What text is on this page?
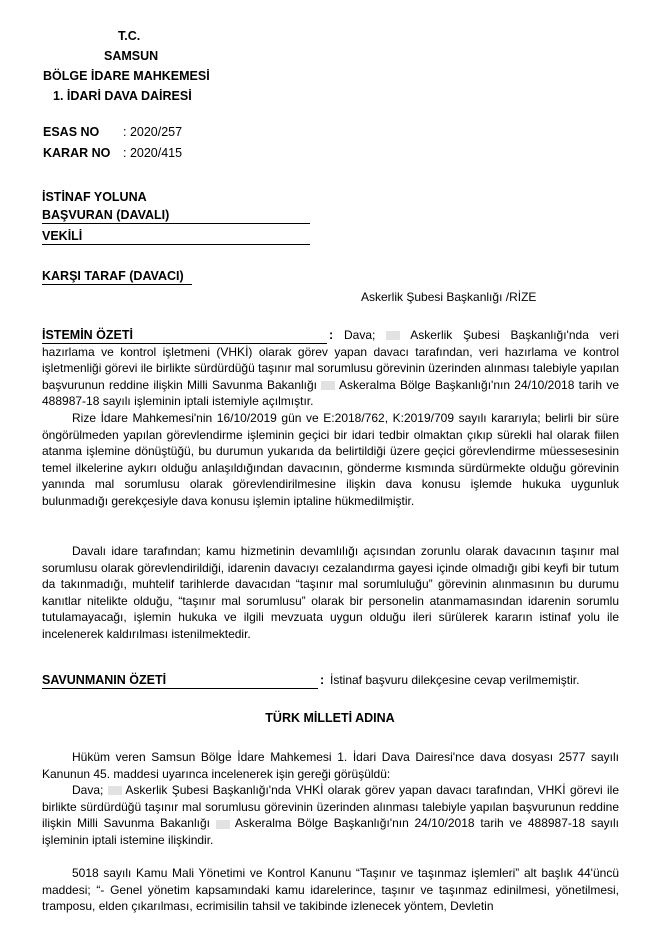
T.C.
SAMSUN
BÖLGE İDARE MAHKEMESİ
1. İDARİ DAVA DAİRESİ
ESAS NO : 2020/257
KARAR NO : 2020/415
İSTİNAF YOLUNA
BAŞVURAN (DAVALI)
VEKİLİ
KARŞI TARAF (DAVACI)
Askerlik Şubesi Başkanlığı /RİZE
İSTEMİN ÖZETİ	: Dava;	Askerlik Şubesi Başkanlığı'nda veri hazırlama ve kontrol işletmeni (VHKİ) olarak görev yapan davacı tarafından, veri hazırlama ve kontrol işletmenliği görevi ile birlikte sürdürdüğü taşınır mal sorumlusu görevinin üzerinden alınması talebiyle yapılan başvurunun reddine ilişkin Milli Savunma Bakanlığı Askeralma Bölge Başkanlığı'nın 24/10/2018 tarih ve 488987-18 sayılı işleminin iptali istemiyle açılmıştır.

Rize İdare Mahkemesi'nin 16/10/2019 gün ve E:2018/762, K:2019/709 sayılı kararıyla; belirli bir süre öngörülmeden yapılan görevlendirme işleminin geçici bir idari tedbir olmaktan çıkıp sürekli hal olarak fiilen atanma işlemine dönüştüğü, bu durumun yukarıda da belirtildiği üzere geçici görevlendirme müessesesinin temel ilkelerine aykırı olduğu anlaşıldığından davacının, gönderme kısmında sürdürmekte olduğu görevinin yanında mal sorumlusu olarak görevlendirilmesine ilişkin dava konusu işlemde hukuka uygunluk bulunmadığı gerekçesiyle dava konusu işlemin iptaline hükmedilmiştir.

Davalı idare tarafından; kamu hizmetinin devamlılığı açısından zorunlu olarak davacının taşınır mal sorumlusu olarak görevlendirildiği, idarenin davacıyı cezalandırma gayesi içinde olmadığı gibi keyfi bir tutum da takınmadığı, muhtelif tarihlerde davacıdan “taşınır mal sorumluluğu” görevinin alınmasının bu durumu kanıtlar nitelikte olduğu, “taşınır mal sorumlusu” olarak bir personelin atanmamasından idarenin sorumlu tutulamayacağı, işlemin hukuka ve ilgili mevzuata uygun olduğu ileri sürülerek kararın istinaf yolu ile incelenerek kaldırılması istenilmektedir.

SAVUNMANIN ÖZETİ	: İstinaf başvuru dilekçesine cevap verilmemiştir.
TÜRK MİLLETİ ADINA

Hüküm veren Samsun Bölge İdare Mahkemesi 1. İdari Dava Dairesi'nce dava dosyası 2577 sayılı Kanunun 45. maddesi uyarınca incelenerek işin gereği görüşüldü:

Dava; Askerlik Şubesi Başkanlığı'nda VHKİ olarak görev yapan davacı tarafından, VHKİ görevi ile birlikte sürdürdüğü taşınır mal sorumlusu görevinin üzerinden alınması talebiyle yapılan başvurunun reddine ilişkin Milli Savunma Bakanlığı Askeralma Bölge Başkanlığı'nın 24/10/2018 tarih ve 488987-18 sayılı işleminin iptali istemine ilişkindir.

5018 sayılı Kamu Mali Yönetimi ve Kontrol Kanunu “Taşınır ve taşınmaz işlemleri” alt başlık 44'üncü maddesi; “- Genel yönetim kapsamındaki kamu idarelerince, taşınır ve taşınmaz edinilmesi, yönetilmesi, tramposu, elden çıkarılması, ecrimisilin tahsil ve takibinde izlenecek yöntem, Devletin
